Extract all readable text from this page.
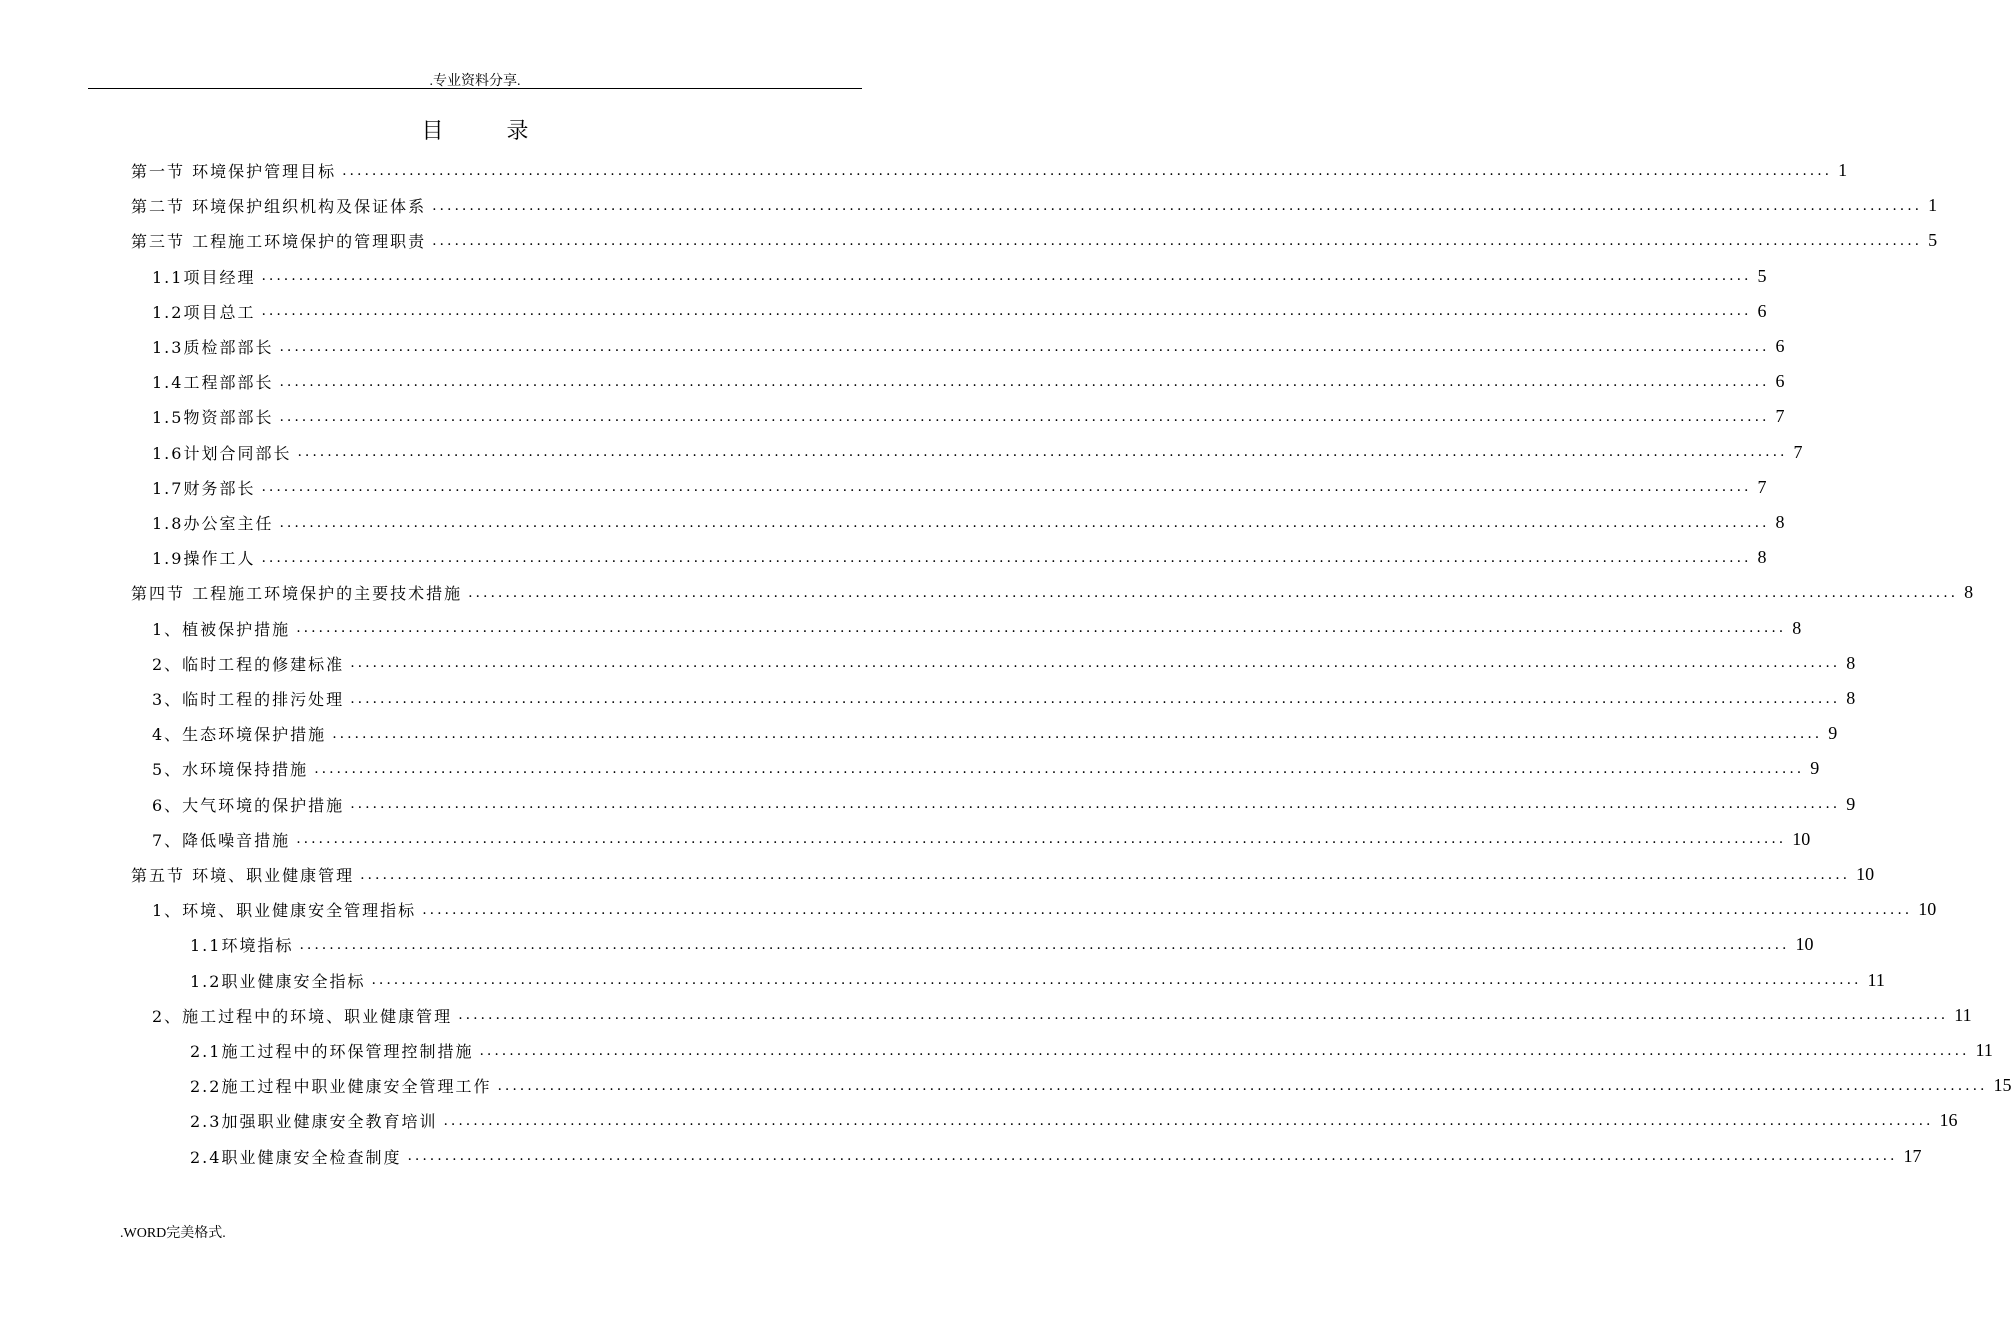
.专业资料分享.
目 录
第一节 环境保护管理目标 ........................................................................................................................................................................................................ 1
第二节 环境保护组织机构及保证体系 ........................................................................................................................................................................................................ 1
第三节 工程施工环境保护的管理职责 ........................................................................................................................................................................................................ 5
1.1项目经理 ........................................................................................................................................................................................................ 5
1.2项目总工 ........................................................................................................................................................................................................ 6
1.3质检部部长 ........................................................................................................................................................................................................ 6
1.4工程部部长 ........................................................................................................................................................................................................ 6
1.5物资部部长 ........................................................................................................................................................................................................ 7
1.6计划合同部长 ........................................................................................................................................................................................................ 7
1.7财务部长 ........................................................................................................................................................................................................ 7
1.8办公室主任 ........................................................................................................................................................................................................ 8
1.9操作工人 ........................................................................................................................................................................................................ 8
第四节 工程施工环境保护的主要技术措施 ........................................................................................................................................................................................................ 8
1、植被保护措施 ........................................................................................................................................................................................................ 8
2、临时工程的修建标准 ........................................................................................................................................................................................................ 8
3、临时工程的排污处理 ........................................................................................................................................................................................................ 8
4、生态环境保护措施 ........................................................................................................................................................................................................ 9
5、水环境保持措施 ........................................................................................................................................................................................................ 9
6、大气环境的保护措施 ........................................................................................................................................................................................................ 9
7、降低噪音措施 ........................................................................................................................................................................................................ 10
第五节 环境、职业健康管理 ........................................................................................................................................................................................................ 10
1、环境、职业健康安全管理指标 ........................................................................................................................................................................................................ 10
1.1环境指标 ........................................................................................................................................................................................................ 10
1.2职业健康安全指标 ........................................................................................................................................................................................................ 11
2、施工过程中的环境、职业健康管理 ........................................................................................................................................................................................................ 11
2.1施工过程中的环保管理控制措施 ........................................................................................................................................................................................................ 11
2.2施工过程中职业健康安全管理工作 ........................................................................................................................................................................................................ 15
2.3加强职业健康安全教育培训 ........................................................................................................................................................................................................ 16
2.4职业健康安全检查制度 ........................................................................................................................................................................................................ 17
.WORD完美格式.
